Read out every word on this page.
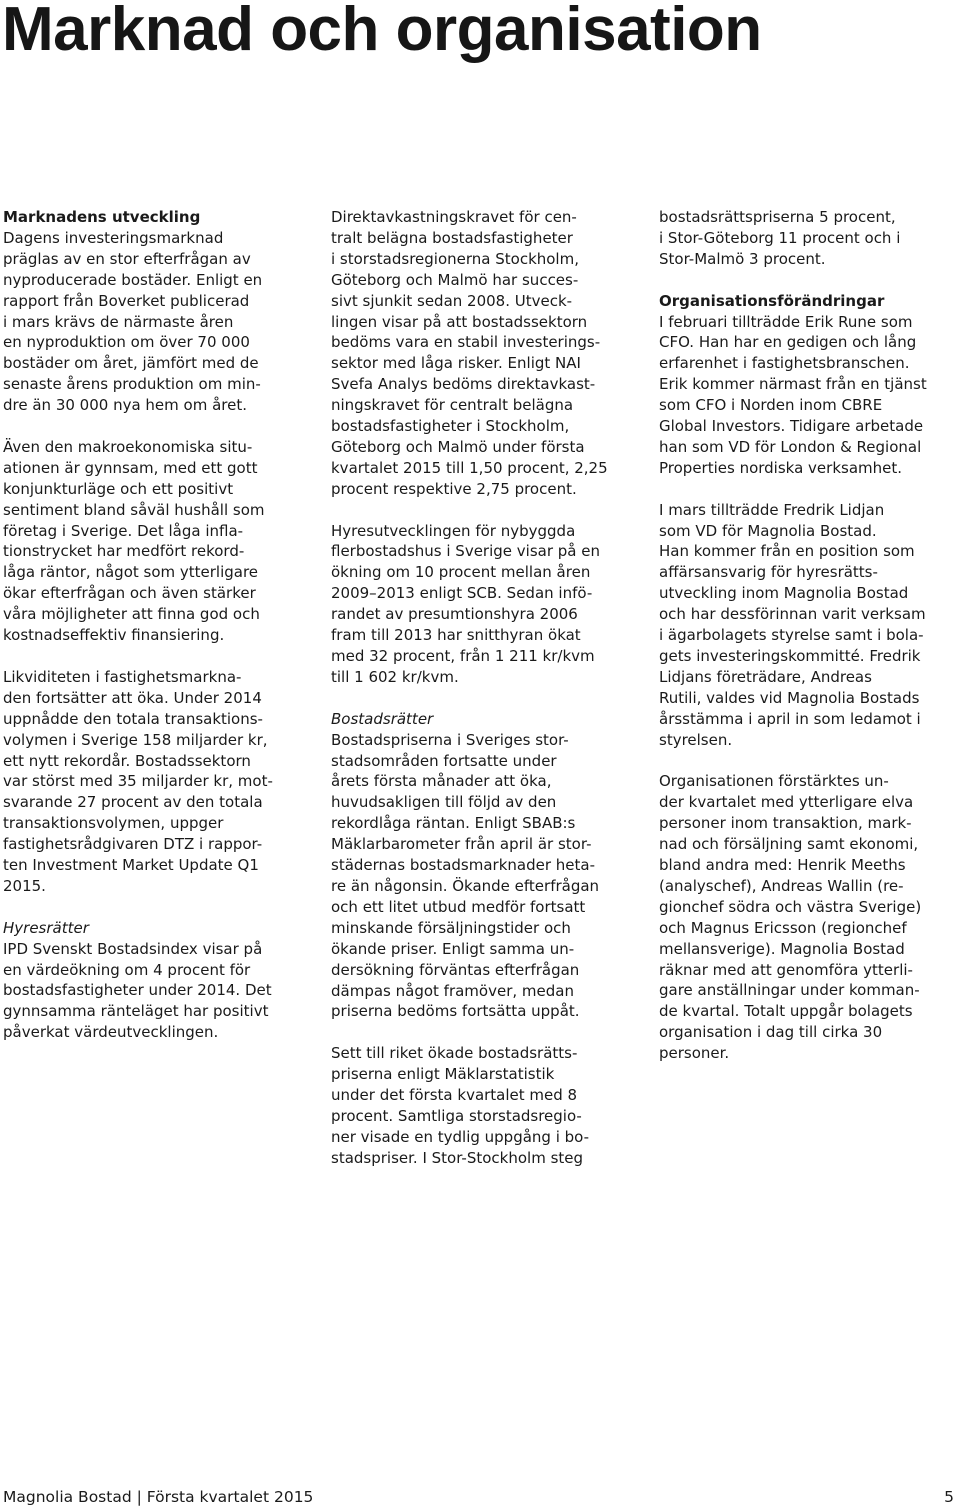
Marknad och organisation
Marknadens utveckling
Dagens investeringsmarknad
präglas av en stor efterfrågan av
nyproducerade bostäder. Enligt en
rapport från Boverket publicerad
i mars krävs de närmaste åren
en nyproduktion om över 70 000
bostäder om året, jämfört med de
senaste årens produktion om min-
dre än 30 000 nya hem om året.
Även den makroekonomiska situ-
ationen är gynnsam, med ett gott
konjunkturläge och ett positivt
sentiment bland såväl hushåll som
företag i Sverige. Det låga infla-
tionstrycket har medfört rekord-
låga räntor, något som ytterligare
ökar efterfrågan och även stärker
våra möjligheter att finna god och
kostnadseffektiv finansiering.
Likviditeten i fastighetsmarkna-
den fortsätter att öka. Under 2014
uppnådde den totala transaktions-
volymen i Sverige 158 miljarder kr,
ett nytt rekordår. Bostadssektorn
var störst med 35 miljarder kr, mot-
svarande 27 procent av den totala
transaktionsvolymen, uppger
fastighetsrådgivaren DTZ i rappor-
ten Investment Market Update Q1
2015.
Hyresrätter
IPD Svenskt Bostadsindex visar på
en värdeökning om 4 procent för
bostadsfastigheter under 2014. Det
gynnsamma ränteläget har positivt
påverkat värdeutvecklingen.
Direktavkastningskravet för cen-
tralt belägna bostadsfastigheter
i storstadsregionerna Stockholm,
Göteborg och Malmö har succes-
sivt sjunkit sedan 2008. Utveck-
lingen visar på att bostadssektorn
bedöms vara en stabil investerings-
sektor med låga risker. Enligt NAI
Svefa Analys bedöms direktavkast-
ningskravet för centralt belägna
bostadsfastigheter i Stockholm,
Göteborg och Malmö under första
kvartalet 2015 till 1,50 procent, 2,25
procent respektive 2,75 procent.
Hyresutvecklingen för nybyggda
flerbostadshus i Sverige visar på en
ökning om 10 procent mellan åren
2009–2013 enligt SCB. Sedan infö-
randet av presumtionshyra 2006
fram till 2013 har snitthyran ökat
med 32 procent, från 1 211 kr/kvm
till 1 602 kr/kvm.
Bostadsrätter
Bostadspriserna i Sveriges stor-
stadsområden fortsatte under
årets första månader att öka,
huvudsakligen till följd av den
rekordlåga räntan. Enligt SBAB:s
Mäklarbarometer från april är stor-
städernas bostadsmarknader heta-
re än någonsin. Ökande efterfrågan
och ett litet utbud medför fortsatt
minskande försäljningstider och
ökande priser. Enligt samma un-
dersökning förväntas efterfrågan
dämpas något framöver, medan
priserna bedöms fortsätta uppåt.
Sett till riket ökade bostadsrätts-
priserna enligt Mäklarstatistik
under det första kvartalet med 8
procent. Samtliga storstadsregio-
ner visade en tydlig uppgång i bo-
stadspriser. I Stor-Stockholm steg
bostadsrättspriserna 5 procent,
i Stor-Göteborg 11 procent och i
Stor-Malmö 3 procent.
Organisationsförändringar
I februari tillträdde Erik Rune som
CFO. Han har en gedigen och lång
erfarenhet i fastighetsbranschen.
Erik kommer närmast från en tjänst
som CFO i Norden inom CBRE
Global Investors. Tidigare arbetade
han som VD för London & Regional
Properties nordiska verksamhet.
I mars tillträdde Fredrik Lidjan
som VD för Magnolia Bostad.
Han kommer från en position som
affärsansvarig för hyresrätts-
utveckling inom Magnolia Bostad
och har dessförinnan varit verksam
i ägarbolagets styrelse samt i bola-
gets investeringskommitté. Fredrik
Lidjans företrädare, Andreas
Rutili, valdes vid Magnolia Bostads
årsstämma i april in som ledamot i
styrelsen.
Organisationen förstärktes un-
der kvartalet med ytterligare elva
personer inom transaktion, mark-
nad och försäljning samt ekonomi,
bland andra med: Henrik Meeths
(analyschef), Andreas Wallin (re-
gionchef södra och västra Sverige)
och Magnus Ericsson (regionchef
mellansverige). Magnolia Bostad
räknar med att genomföra ytterli-
gare anställningar under komman-
de kvartal. Totalt uppgår bolagets
organisation i dag till cirka 30
personer.
Magnolia Bostad | Första kvartalet 2015	5
